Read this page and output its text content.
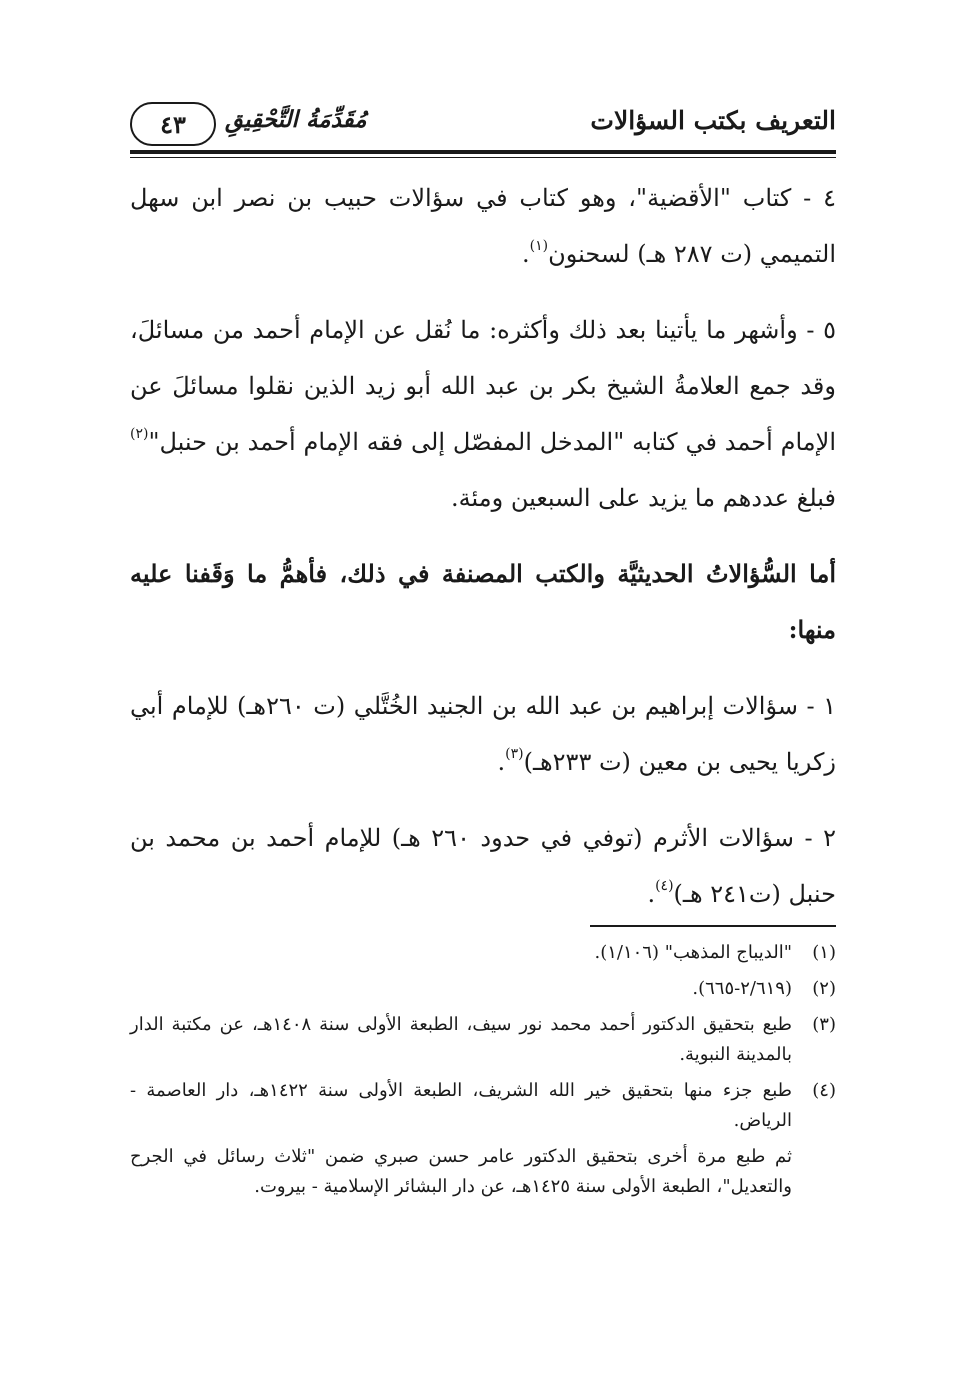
التعريف بكتب السؤالات
مُقَدِّمَةُ التَّحْقِيقِ
٤٣

٤ - كتاب "الأقضية"، وهو كتاب في سؤالات حبيب بن نصر ابن سهل التميمي (ت ٢٨٧ هـ) لسحنون$^{(١)}$.

٥ - وأشهر ما يأتينا بعد ذلك وأكثره: ما نُقل عن الإمام أحمد من مسائلَ، وقد جمع العلامةُ الشيخ بكر بن عبد الله أبو زيد الذين نقلوا مسائلَ عن الإمام أحمد في كتابه "المدخل المفصّل إلى فقه الإمام أحمد بن حنبل"$^{(٢)}$ فبلغ عددهم ما يزيد على السبعين ومئة.

أما السُّؤالاتُ الحديثيَّة والكتب المصنفة في ذلك، فأهمُّ ما وَقَفنا عليه منها:

١ - سؤالات إبراهيم بن عبد الله بن الجنيد الخُتَّلي (ت ٢٦٠هـ) للإمام أبي زكريا يحيى بن معين (ت ٢٣٣هـ)$^{(٣)}$.

٢ - سؤالات الأثرم (توفي في حدود ٢٦٠ هـ) للإمام أحمد بن محمد بن حنبل (ت٢٤١ هـ)$^{(٤)}$.

(١)
"الديباج المذهب" (١/١٠٦).
(٢)
(٢/٦١٩-٦٦٥).
(٣)
طبع بتحقيق الدكتور أحمد محمد نور سيف، الطبعة الأولى سنة ١٤٠٨هـ، عن مكتبة الدار بالمدينة النبوية.
(٤)
طبع جزء منها بتحقيق خير الله الشريف، الطبعة الأولى سنة ١٤٢٢هـ، دار العاصمة - الرياض.
ثم طبع مرة أخرى بتحقيق الدكتور عامر حسن صبري ضمن "ثلاث رسائل في الجرح والتعديل"، الطبعة الأولى سنة ١٤٢٥هـ، عن دار البشائر الإسلامية - بيروت.
